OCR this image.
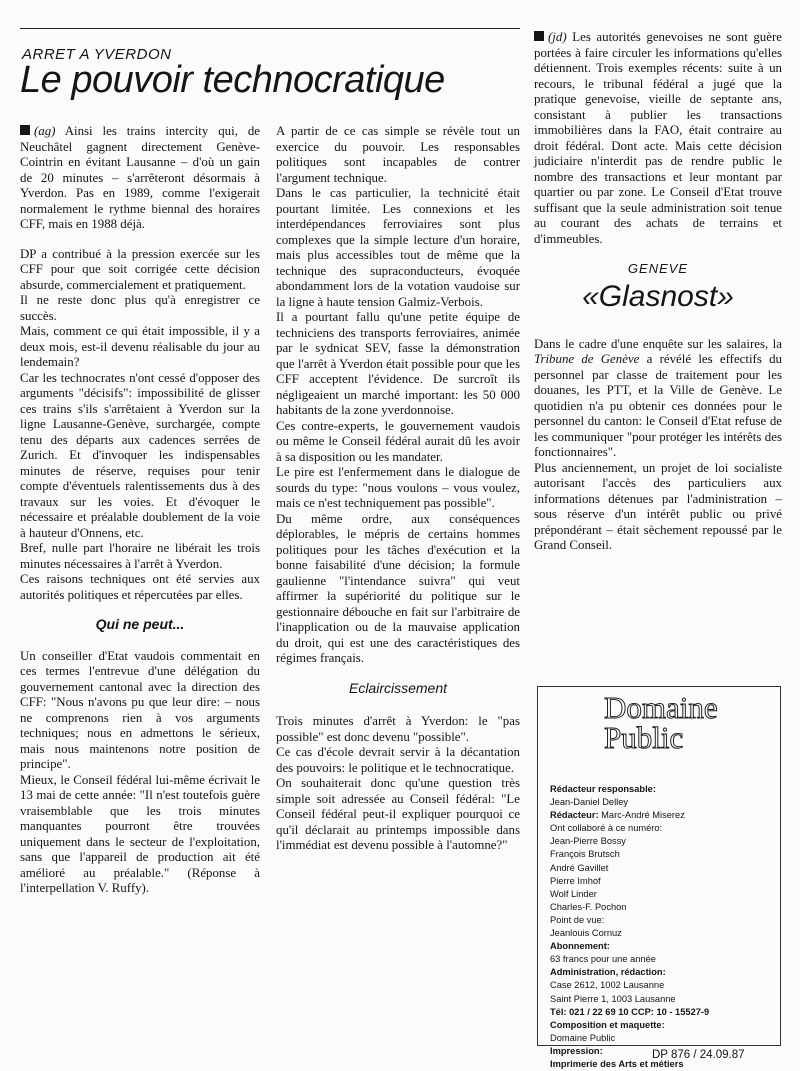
ARRET A YVERDON
Le pouvoir technocratique

(ag) Ainsi les trains intercity qui, de Neuchâtel gagnent directement Genève-Cointrin en évitant Lausanne – d'où un gain de 20 minutes – s'arrêteront désormais à Yverdon. Pas en 1989, comme l'exigerait normalement le rythme biennal des horaires CFF, mais en 1988 déjà.

DP a contribué à la pression exercée sur les CFF pour que soit corrigée cette décision absurde, commercialement et pratiquement.

Il ne reste donc plus qu'à enregistrer ce succès.

Mais, comment ce qui était impossible, il y a deux mois, est-il devenu réalisable du jour au lendemain?

Car les technocrates n'ont cessé d'opposer des arguments "décisifs": impossibilité de glisser ces trains s'ils s'arrêtaient à Yverdon sur la ligne Lausanne-Genève, surchargée, compte tenu des départs aux cadences serrées de Zurich. Et d'invoquer les indispensables minutes de réserve, requises pour tenir compte d'éventuels ralentissements dus à des travaux sur les voies. Et d'évoquer le nécessaire et préalable doublement de la voie à hauteur d'Onnens, etc.

Bref, nulle part l'horaire ne libérait les trois minutes nécessaires à l'arrêt à Yverdon.

Ces raisons techniques ont été servies aux autorités politiques et répercutées par elles.

Qui ne peut...

Un conseiller d'Etat vaudois commentait en ces termes l'entrevue d'une délégation du gouvernement cantonal avec la direction des CFF: "Nous n'avons pu que leur dire: – nous ne comprenons rien à vos arguments techniques; nous en admettons le sérieux, mais nous maintenons notre position de principe".

Mieux, le Conseil fédéral lui-même écrivait le 13 mai de cette année: "Il n'est toutefois guère vraisemblable que les trois minutes manquantes pourront être trouvées uniquement dans le secteur de l'exploitation, sans que l'appareil de production ait été amélioré au préalable." (Réponse à l'interpellation V. Ruffy).

A partir de ce cas simple se révèle tout un exercice du pouvoir. Les responsables politiques sont incapables de contrer l'argument technique.

Dans le cas particulier, la technicité était pourtant limitée. Les connexions et les interdépendances ferroviaires sont plus complexes que la simple lecture d'un horaire, mais plus accessibles tout de même que la technique des supraconducteurs, évoquée abondamment lors de la votation vaudoise sur la ligne à haute tension Galmiz-Verbois.

Il a pourtant fallu qu'une petite équipe de techniciens des transports ferroviaires, animée par le sydnicat SEV, fasse la démonstration que l'arrêt à Yverdon était possible pour que les CFF acceptent l'évidence. De surcroît ils négligeaient un marché important: les 50 000 habitants de la zone yverdonnoise.

Ces contre-experts, le gouvernement vaudois ou même le Conseil fédéral aurait dû les avoir à sa disposition ou les mandater.

Le pire est l'enfermement dans le dialogue de sourds du type: "nous voulons – vous voulez, mais ce n'est techniquement pas possible".

Du même ordre, aux conséquences déplorables, le mépris de certains hommes politiques pour les tâches d'exécution et la bonne faisabilité d'une décision; la formule gaulienne "l'intendance suivra" qui veut affirmer la supériorité du politique sur le gestionnaire débouche en fait sur l'arbitraire de l'inapplication ou de la mauvaise application du droit, qui est une des caractéristiques des régimes français.

Eclaircissement

Trois minutes d'arrêt à Yverdon: le "pas possible" est donc devenu "possible".

Ce cas d'école devrait servir à la décantation des pouvoirs: le politique et le technocratique.

On souhaiterait donc qu'une question très simple soit adressée au Conseil fédéral: "Le Conseil fédéral peut-il expliquer pourquoi ce qu'il déclarait au printemps impossible dans l'immédiat est devenu possible à l'automne?"

(jd) Les autorités genevoises ne sont guère portées à faire circuler les informations qu'elles détiennent. Trois exemples récents: suite à un recours, le tribunal fédéral a jugé que la pratique genevoise, vieille de septante ans, consistant à publier les transactions immobilières dans la FAO, était contraire au droit fédéral. Dont acte. Mais cette décision judiciaire n'interdit pas de rendre public le nombre des transactions et leur montant par quartier ou par zone. Le Conseil d'Etat trouve suffisant que la seule administration soit tenue au courant des achats de terrains et d'immeubles.

GENEVE
«Glasnost»

Dans le cadre d'une enquête sur les salaires, la Tribune de Genève a révélé les effectifs du personnel par classe de traitement pour les douanes, les PTT, et la Ville de Genève. Le quotidien n'a pu obtenir ces données pour le personnel du canton: le Conseil d'Etat refuse de les communiquer "pour protéger les intérêts des fonctionnaires".

Plus anciennement, un projet de loi socialiste autorisant l'accès des particuliers aux informations détenues par l'administration – sous réserve d'un intérêt public ou privé prépondérant – était sèchement repoussé par le Grand Conseil.

Domaine
Public
Rédacteur responsable:
Jean-Daniel Delley
Rédacteur: Marc-André Miserez
Ont collaboré à ce numéro:
Jean-Pierre Bossy
François Brutsch
André Gavillet
Pierre Imhof
Wolf Linder
Charles-F. Pochon
Point de vue:
Jeanlouis Cornuz
Abonnement:
63 francs pour une année
Administration, rédaction:
Case 2612, 1002 Lausanne
Saint Pierre 1, 1003 Lausanne
Tél: 021 / 22 69 10 CCP: 10 - 15527-9
Composition et maquette:
Domaine Public
Impression:
Imprimerie des Arts et métiers
DP 876 / 24.09.87
